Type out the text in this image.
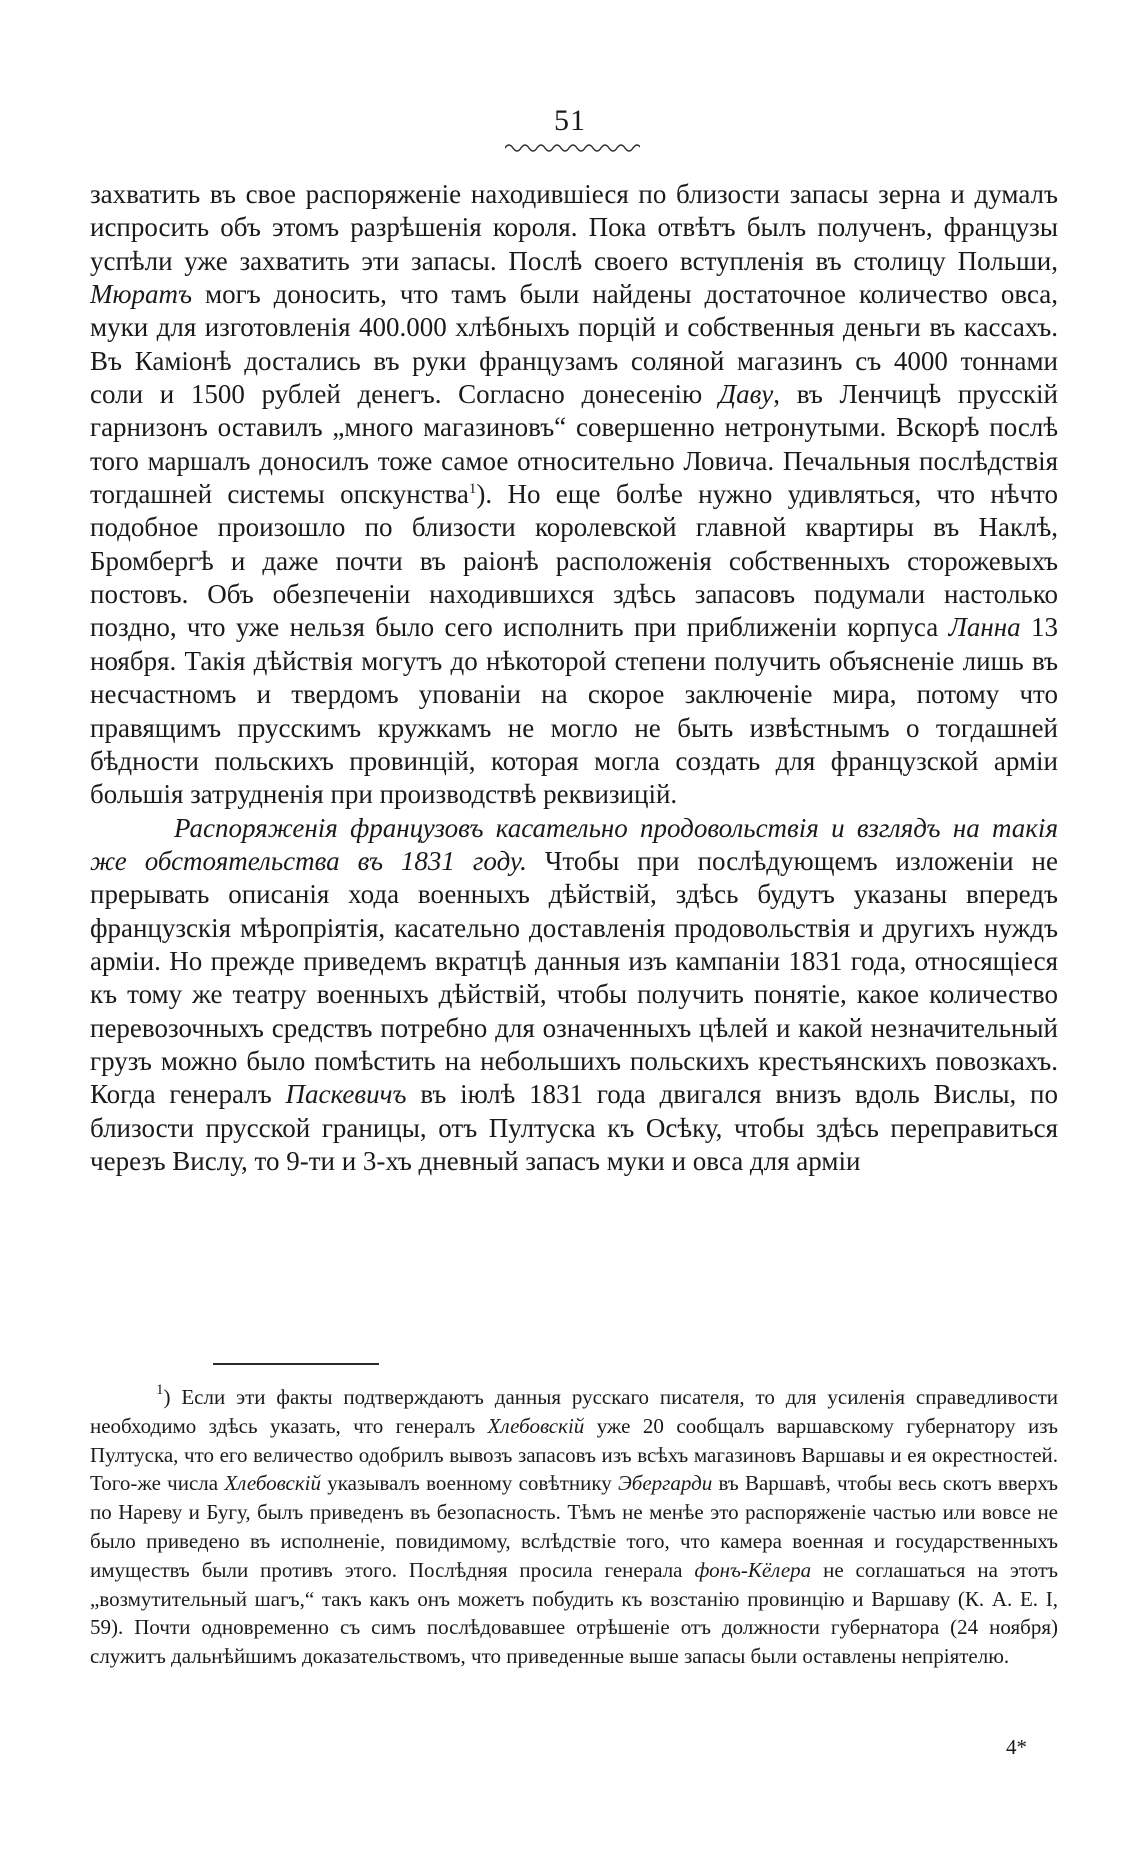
51

захватить въ свое распоряженіе находившіеся по близости запасы зерна и думалъ испросить объ этомъ разрѣшенія короля. Пока отвѣтъ былъ полученъ, французы успѣли уже захватить эти запасы. Послѣ своего вступленія въ столицу Польши, Мюратъ могъ доносить, что тамъ были найдены достаточное количество овса, муки для изготовленія 400.000 хлѣбныхъ порцій и собственныя деньги въ кассахъ. Въ Каміонѣ достались въ руки французамъ соляной магазинъ съ 4000 тоннами соли и 1500 рублей денегъ. Согласно донесенію Даву, въ Ленчицѣ прусскій гарнизонъ оставилъ „много магазиновъ“ совершенно нетронутыми. Вскорѣ послѣ того маршалъ доносилъ тоже самое относительно Ловича. Печальныя послѣдствія тогдашней системы опскунства$^1$). Но еще болѣе нужно удивляться, что нѣчто подобное произошло по близости королевской главной квартиры въ Наклѣ, Бромбергѣ и даже почти въ раіонѣ расположенія собственныхъ сторожевыхъ постовъ. Объ обезпеченіи находившихся здѣсь запасовъ подумали настолько поздно, что уже нельзя было сего исполнить при приближеніи корпуса Ланна 13 ноября. Такія дѣйствія могутъ до нѣкоторой степени получить объясненіе лишь въ несчастномъ и твердомъ упованіи на скорое заключеніе мира, потому что правящимъ прусскимъ кружкамъ не могло не быть извѣстнымъ о тогдашней бѣдности польскихъ провинцій, которая могла создать для французской арміи большія затрудненія при производствѣ реквизицій.

Распоряженія французовъ касательно продовольствія и взглядъ на такія же обстоятельства въ 1831 году. Чтобы при послѣдующемъ изложеніи не прерывать описанія хода военныхъ дѣйствій, здѣсь будутъ указаны впередъ французскія мѣропріятія, касательно доставленія продовольствія и другихъ нуждъ арміи. Но прежде приведемъ вкратцѣ данныя изъ кампаніи 1831 года, относящіеся къ тому же театру военныхъ дѣйствій, чтобы получить понятіе, какое количество перевозочныхъ средствъ потребно для означенныхъ цѣлей и какой незначительный грузъ можно было помѣстить на небольшихъ польскихъ крестьянскихъ повозкахъ. Когда генералъ Паскевичъ въ іюлѣ 1831 года двигался внизъ вдоль Вислы, по близости прусской границы, отъ Пултуска къ Осѣку, чтобы здѣсь переправиться черезъ Вислу, то 9-ти и 3-хъ дневный запасъ муки и овса для арміи

$^1$) Если эти факты подтверждаютъ данныя русскаго писателя, то для усиленія справедливости необходимо здѣсь указать, что генералъ Хлебовскій уже 20 сообщалъ варшавскому губернатору изъ Пултуска, что его величество одобрилъ вывозъ запасовъ изъ всѣхъ магазиновъ Варшавы и ея окрестностей. Того-же числа Хлебовскій указывалъ военному совѣтнику Эбергарди въ Варшавѣ, чтобы весь скотъ вверхъ по Нареву и Бугу, былъ приведенъ въ безопасность. Тѣмъ не менѣе это распоряженіе частью или вовсе не было приведено въ исполненіе, повидимому, вслѣдствіе того, что камера военная и государственныхъ имуществъ были противъ этого. Послѣдняя просила генерала фонъ-Кёлера не соглашаться на этотъ „возмутительный шагъ,“ такъ какъ онъ можетъ побудить къ возстанію провинцію и Варшаву (К. А. Е. I, 59). Почти одновременно съ симъ послѣдовавшее отрѣшеніе отъ должности губернатора (24 ноября) служитъ дальнѣйшимъ доказательствомъ, что приведенные выше запасы были оставлены непріятелю.

4*
